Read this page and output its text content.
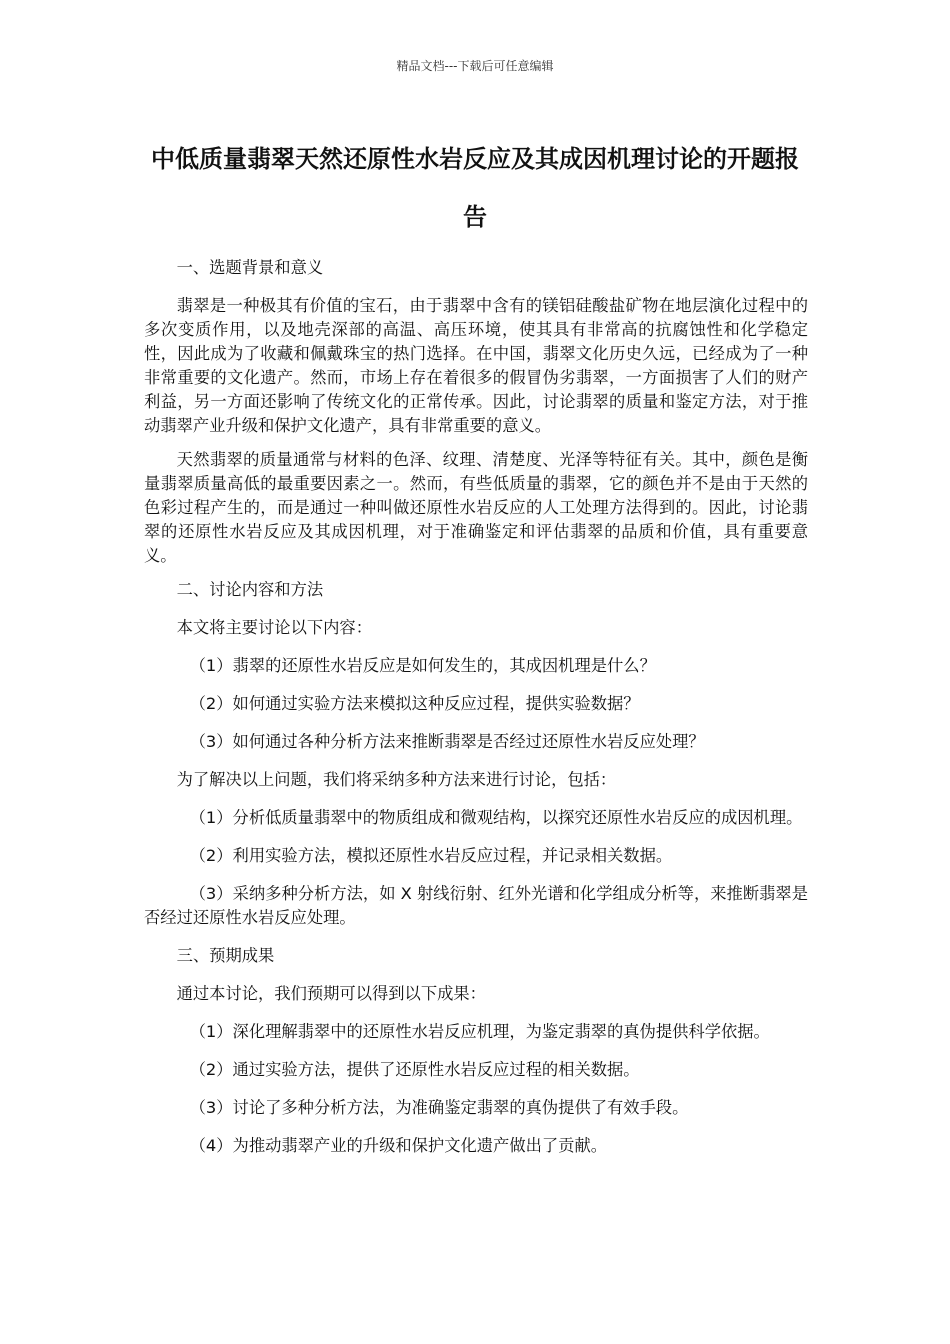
精品文档---下载后可任意编辑
中低质量翡翠天然还原性水岩反应及其成因机理讨论的开题报告

一、选题背景和意义

翡翠是一种极其有价值的宝石，由于翡翠中含有的镁铝硅酸盐矿物在地层演化过程中的多次变质作用，以及地壳深部的高温、高压环境，使其具有非常高的抗腐蚀性和化学稳定性，因此成为了收藏和佩戴珠宝的热门选择。在中国，翡翠文化历史久远，已经成为了一种非常重要的文化遗产。然而，市场上存在着很多的假冒伪劣翡翠，一方面损害了人们的财产利益，另一方面还影响了传统文化的正常传承。因此，讨论翡翠的质量和鉴定方法，对于推动翡翠产业升级和保护文化遗产，具有非常重要的意义。

天然翡翠的质量通常与材料的色泽、纹理、清楚度、光泽等特征有关。其中，颜色是衡量翡翠质量高低的最重要因素之一。然而，有些低质量的翡翠，它的颜色并不是由于天然的色彩过程产生的，而是通过一种叫做还原性水岩反应的人工处理方法得到的。因此，讨论翡翠的还原性水岩反应及其成因机理，对于准确鉴定和评估翡翠的品质和价值，具有重要意义。

二、讨论内容和方法

本文将主要讨论以下内容：

（1）翡翠的还原性水岩反应是如何发生的，其成因机理是什么？

（2）如何通过实验方法来模拟这种反应过程，提供实验数据？

（3）如何通过各种分析方法来推断翡翠是否经过还原性水岩反应处理？

为了解决以上问题，我们将采纳多种方法来进行讨论，包括：

（1）分析低质量翡翠中的物质组成和微观结构，以探究还原性水岩反应的成因机理。

（2）利用实验方法，模拟还原性水岩反应过程，并记录相关数据。

（3）采纳多种分析方法，如 X 射线衍射、红外光谱和化学组成分析等，来推断翡翠是否经过还原性水岩反应处理。

三、预期成果

通过本讨论，我们预期可以得到以下成果：

（1）深化理解翡翠中的还原性水岩反应机理，为鉴定翡翠的真伪提供科学依据。

（2）通过实验方法，提供了还原性水岩反应过程的相关数据。

（3）讨论了多种分析方法，为准确鉴定翡翠的真伪提供了有效手段。

（4）为推动翡翠产业的升级和保护文化遗产做出了贡献。
